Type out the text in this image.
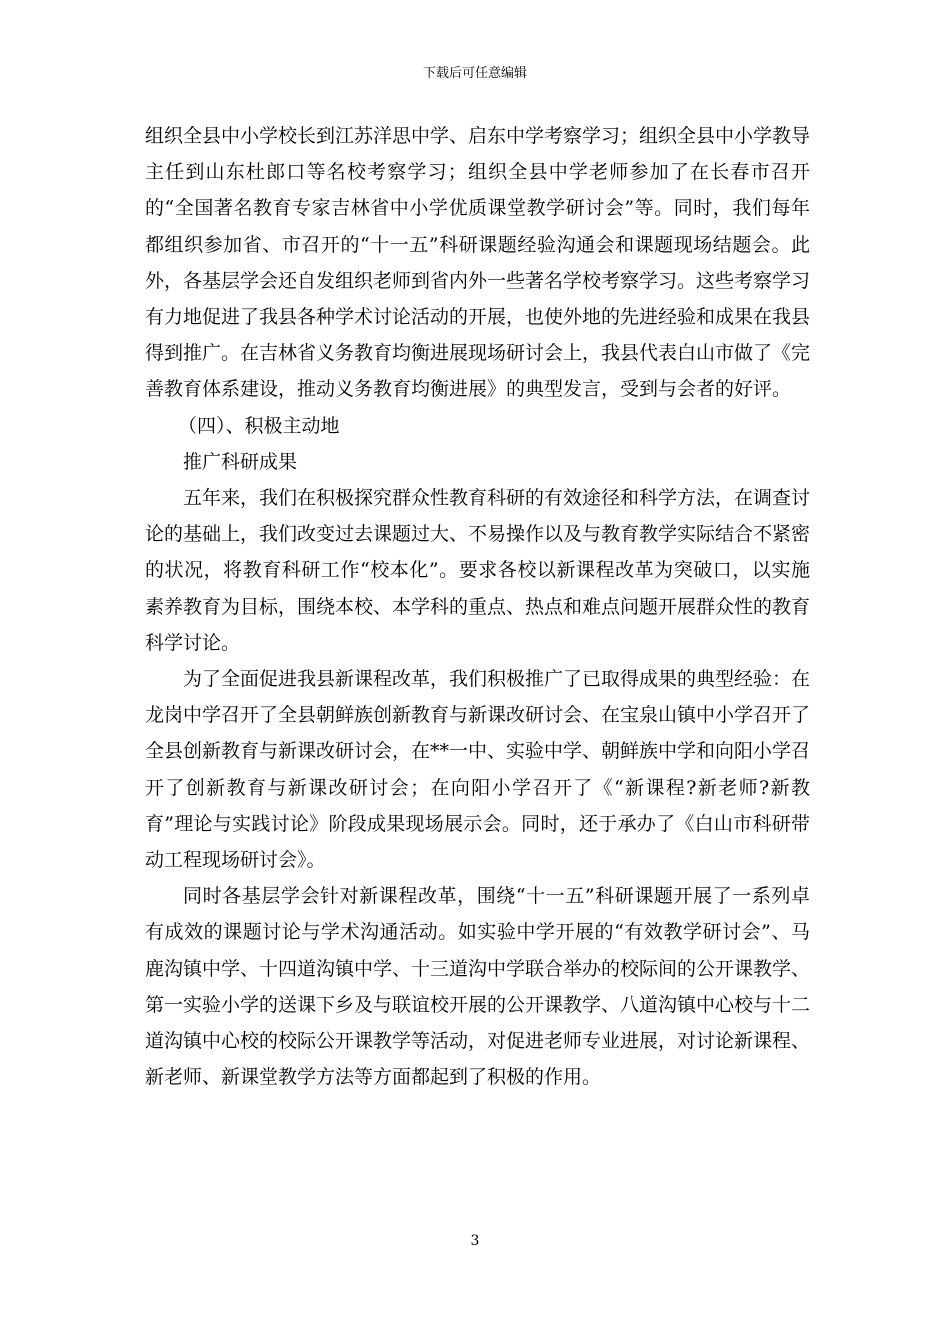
下载后可任意编辑

组织全县中小学校长到江苏洋思中学、启东中学考察学习；组织全县中小学教导主任到山东杜郎口等名校考察学习；组织全县中学老师参加了在长春市召开的“全国著名教育专家吉林省中小学优质课堂教学研讨会”等。同时，我们每年都组织参加省、市召开的“十一五”科研课题经验沟通会和课题现场结题会。此外，各基层学会还自发组织老师到省内外一些著名学校考察学习。这些考察学习有力地促进了我县各种学术讨论活动的开展，也使外地的先进经验和成果在我县得到推广。在吉林省义务教育均衡进展现场研讨会上，我县代表白山市做了《完善教育体系建设，推动义务教育均衡进展》的典型发言，受到与会者的好评。

（四）、积极主动地

推广科研成果

五年来，我们在积极探究群众性教育科研的有效途径和科学方法，在调查讨论的基础上，我们改变过去课题过大、不易操作以及与教育教学实际结合不紧密的状况，将教育科研工作“校本化”。要求各校以新课程改革为突破口，以实施素养教育为目标，围绕本校、本学科的重点、热点和难点问题开展群众性的教育科学讨论。

为了全面促进我县新课程改革，我们积极推广了已取得成果的典型经验：在龙岗中学召开了全县朝鲜族创新教育与新课改研讨会、在宝泉山镇中小学召开了全县创新教育与新课改研讨会，在**一中、实验中学、朝鲜族中学和向阳小学召开了创新教育与新课改研讨会；在向阳小学召开了《“新课程?新老师?新教育”理论与实践讨论》阶段成果现场展示会。同时，还于承办了《白山市科研带动工程现场研讨会》。

同时各基层学会针对新课程改革，围绕“十一五”科研课题开展了一系列卓有成效的课题讨论与学术沟通活动。如实验中学开展的“有效教学研讨会”、马鹿沟镇中学、十四道沟镇中学、十三道沟中学联合举办的校际间的公开课教学、第一实验小学的送课下乡及与联谊校开展的公开课教学、八道沟镇中心校与十二道沟镇中心校的校际公开课教学等活动，对促进老师专业进展，对讨论新课程、新老师、新课堂教学方法等方面都起到了积极的作用。

3
